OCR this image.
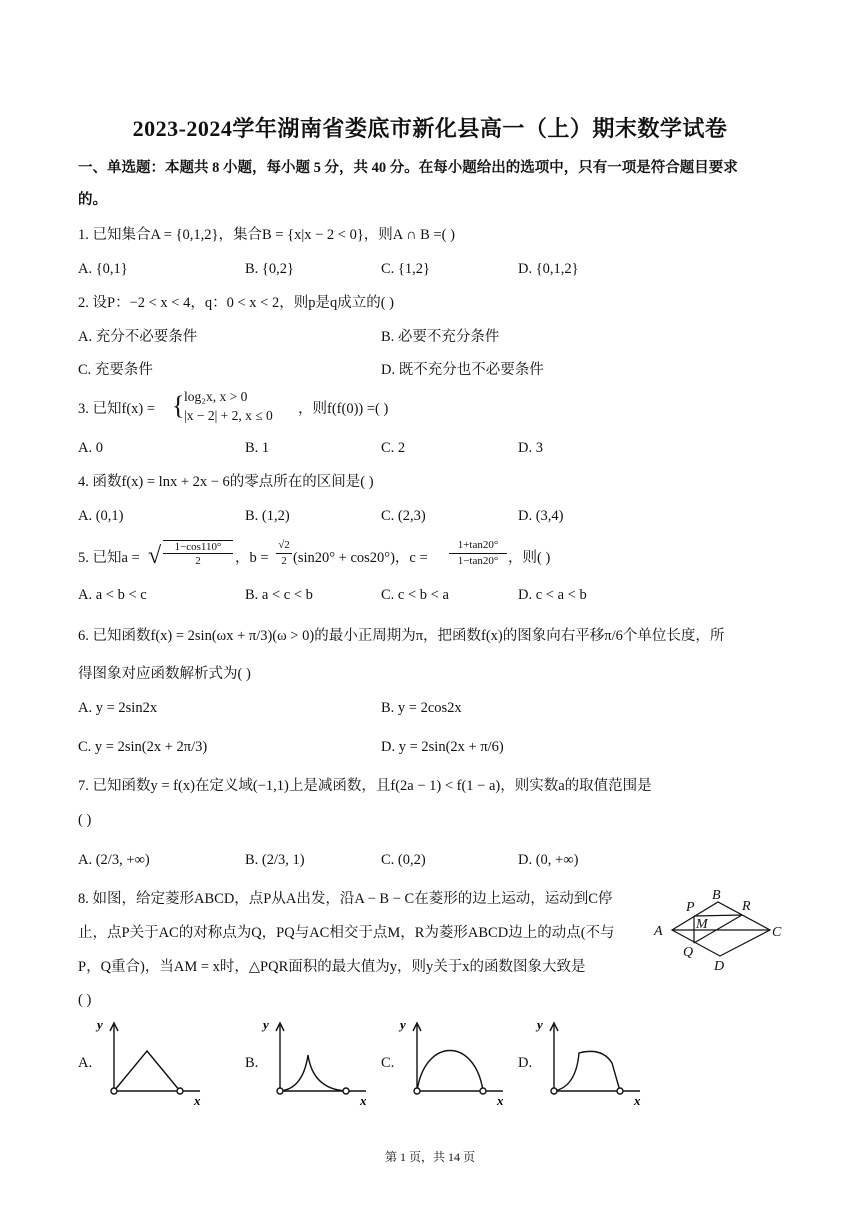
2023-2024学年湖南省娄底市新化县高一（上）期末数学试卷
一、单选题：本题共 8 小题，每小题 5 分，共 40 分。在每小题给出的选项中，只有一项是符合题目要求
的。
1. 已知集合A = {0,1,2}，集合B = {x|x − 2 < 0}，则A ∩ B =( )
A. {0,1}	B. {0,2}	C. {1,2}	D. {0,1,2}
2. 设P：−2 < x < 4，q：0 < x < 2，则p是q成立的( )
A. 充分不必要条件	B. 必要不充分条件
C. 充要条件	D. 既不充分也不必要条件
3. 已知f(x) = { log₂x, x > 0
|x − 2| + 2, x ≤ 0 ，则f(f(0)) =( )
A. 0	B. 1	C. 2	D. 3
4. 函数f(x) = lnx + 2x − 6的零点所在的区间是( )
A. (0,1)	B. (1,2)	C. (2,3)	D. (3,4)
5. 已知a = √	1−cos110°
2	，b =
√2
2 (sin20° + cos20°)，c =
1+tan20°
1−tan20° ，则( )
A. a < b < c	B. a < c < b	C. c < b < a	D. c < a < b
6. 已知函数f(x) = 2sin(ωx + π/3)(ω > 0)的最小正周期为π，把函数f(x)的图象向右平移π/6个单位长度，所
得图象对应函数解析式为( )
A. y = 2sin2x	B. y = 2cos2x
C. y = 2sin(2x + 2π/3)	D. y = 2sin(2x + π/6)
7. 已知函数y = f(x)在定义域(−1,1)上是减函数，且f(2a − 1) < f(1 − a)，则实数a的取值范围是
( )
A. (2/3, +∞)	B. (2/3, 1)	C. (0,2)	D. (0, +∞)
8. 如图，给定菱形ABCD，点P从A出发，沿A − B − C在菱形的边上运动，运动到C停
止，点P关于AC的对称点为Q，PQ与AC相交于点M，R为菱形ABCD边上的动点(不与
P，Q重合)，当AM = x时，△PQR面积的最大值为y，则y关于x的函数图象大致是
( )
A
B
C
D
P
Q
M
R
A.
y
x
B.
y
x
C.
y
x
D.
y
x
第 1 页，共 14 页
